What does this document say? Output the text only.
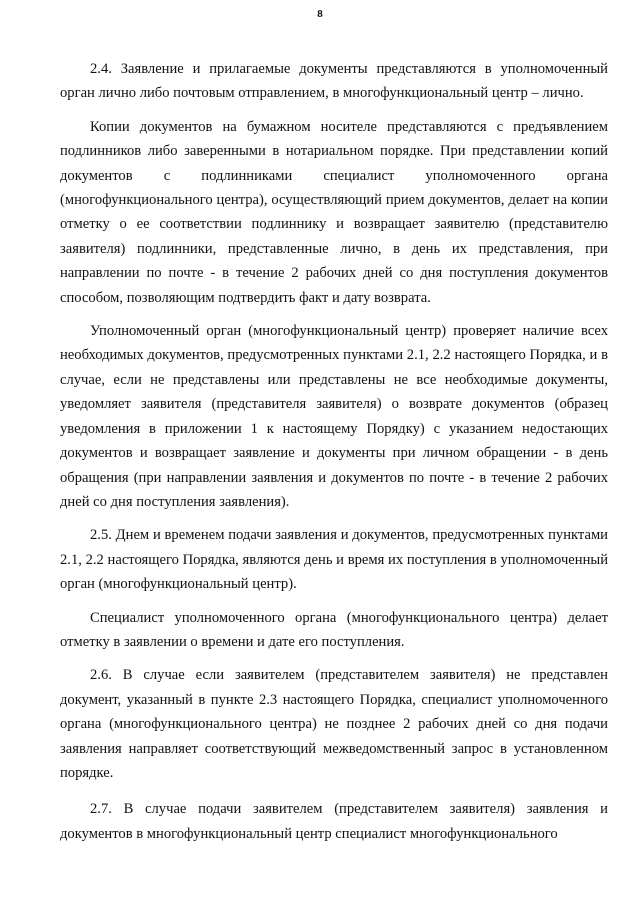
8

2.4. Заявление и прилагаемые документы представляются в уполномоченный орган лично либо почтовым отправлением, в многофункциональный центр – лично.

Копии документов на бумажном носителе представляются с предъявлением подлинников либо заверенными в нотариальном порядке. При представлении копий документов с подлинниками специалист уполномоченного органа (многофункционального центра), осуществляющий прием документов, делает на копии отметку о ее соответствии подлиннику и возвращает заявителю (представителю заявителя) подлинники, представленные лично, в день их представления, при направлении по почте - в течение 2 рабочих дней со дня поступления документов способом, позволяющим подтвердить факт и дату возврата.

Уполномоченный орган (многофункциональный центр) проверяет наличие всех необходимых документов, предусмотренных пунктами 2.1, 2.2 настоящего Порядка, и в случае, если не представлены или представлены не все необходимые документы, уведомляет заявителя (представителя заявителя) о возврате документов (образец уведомления в приложении 1 к настоящему Порядку) с указанием недостающих документов и возвращает заявление и документы при личном обращении - в день обращения (при направлении заявления и документов по почте - в течение 2 рабочих дней со дня поступления заявления).

2.5. Днем и временем подачи заявления и документов, предусмотренных пунктами 2.1, 2.2 настоящего Порядка, являются день и время их поступления в уполномоченный орган (многофункциональный центр).

Специалист уполномоченного органа (многофункционального центра) делает отметку в заявлении о времени и дате его поступления.

2.6. В случае если заявителем (представителем заявителя) не представлен документ, указанный в пункте 2.3 настоящего Порядка, специалист уполномоченного органа (многофункционального центра) не позднее 2 рабочих дней со дня подачи заявления направляет соответствующий межведомственный запрос в установленном порядке.

2.7. В случае подачи заявителем (представителем заявителя) заявления и документов в многофункциональный центр специалист многофункционального
